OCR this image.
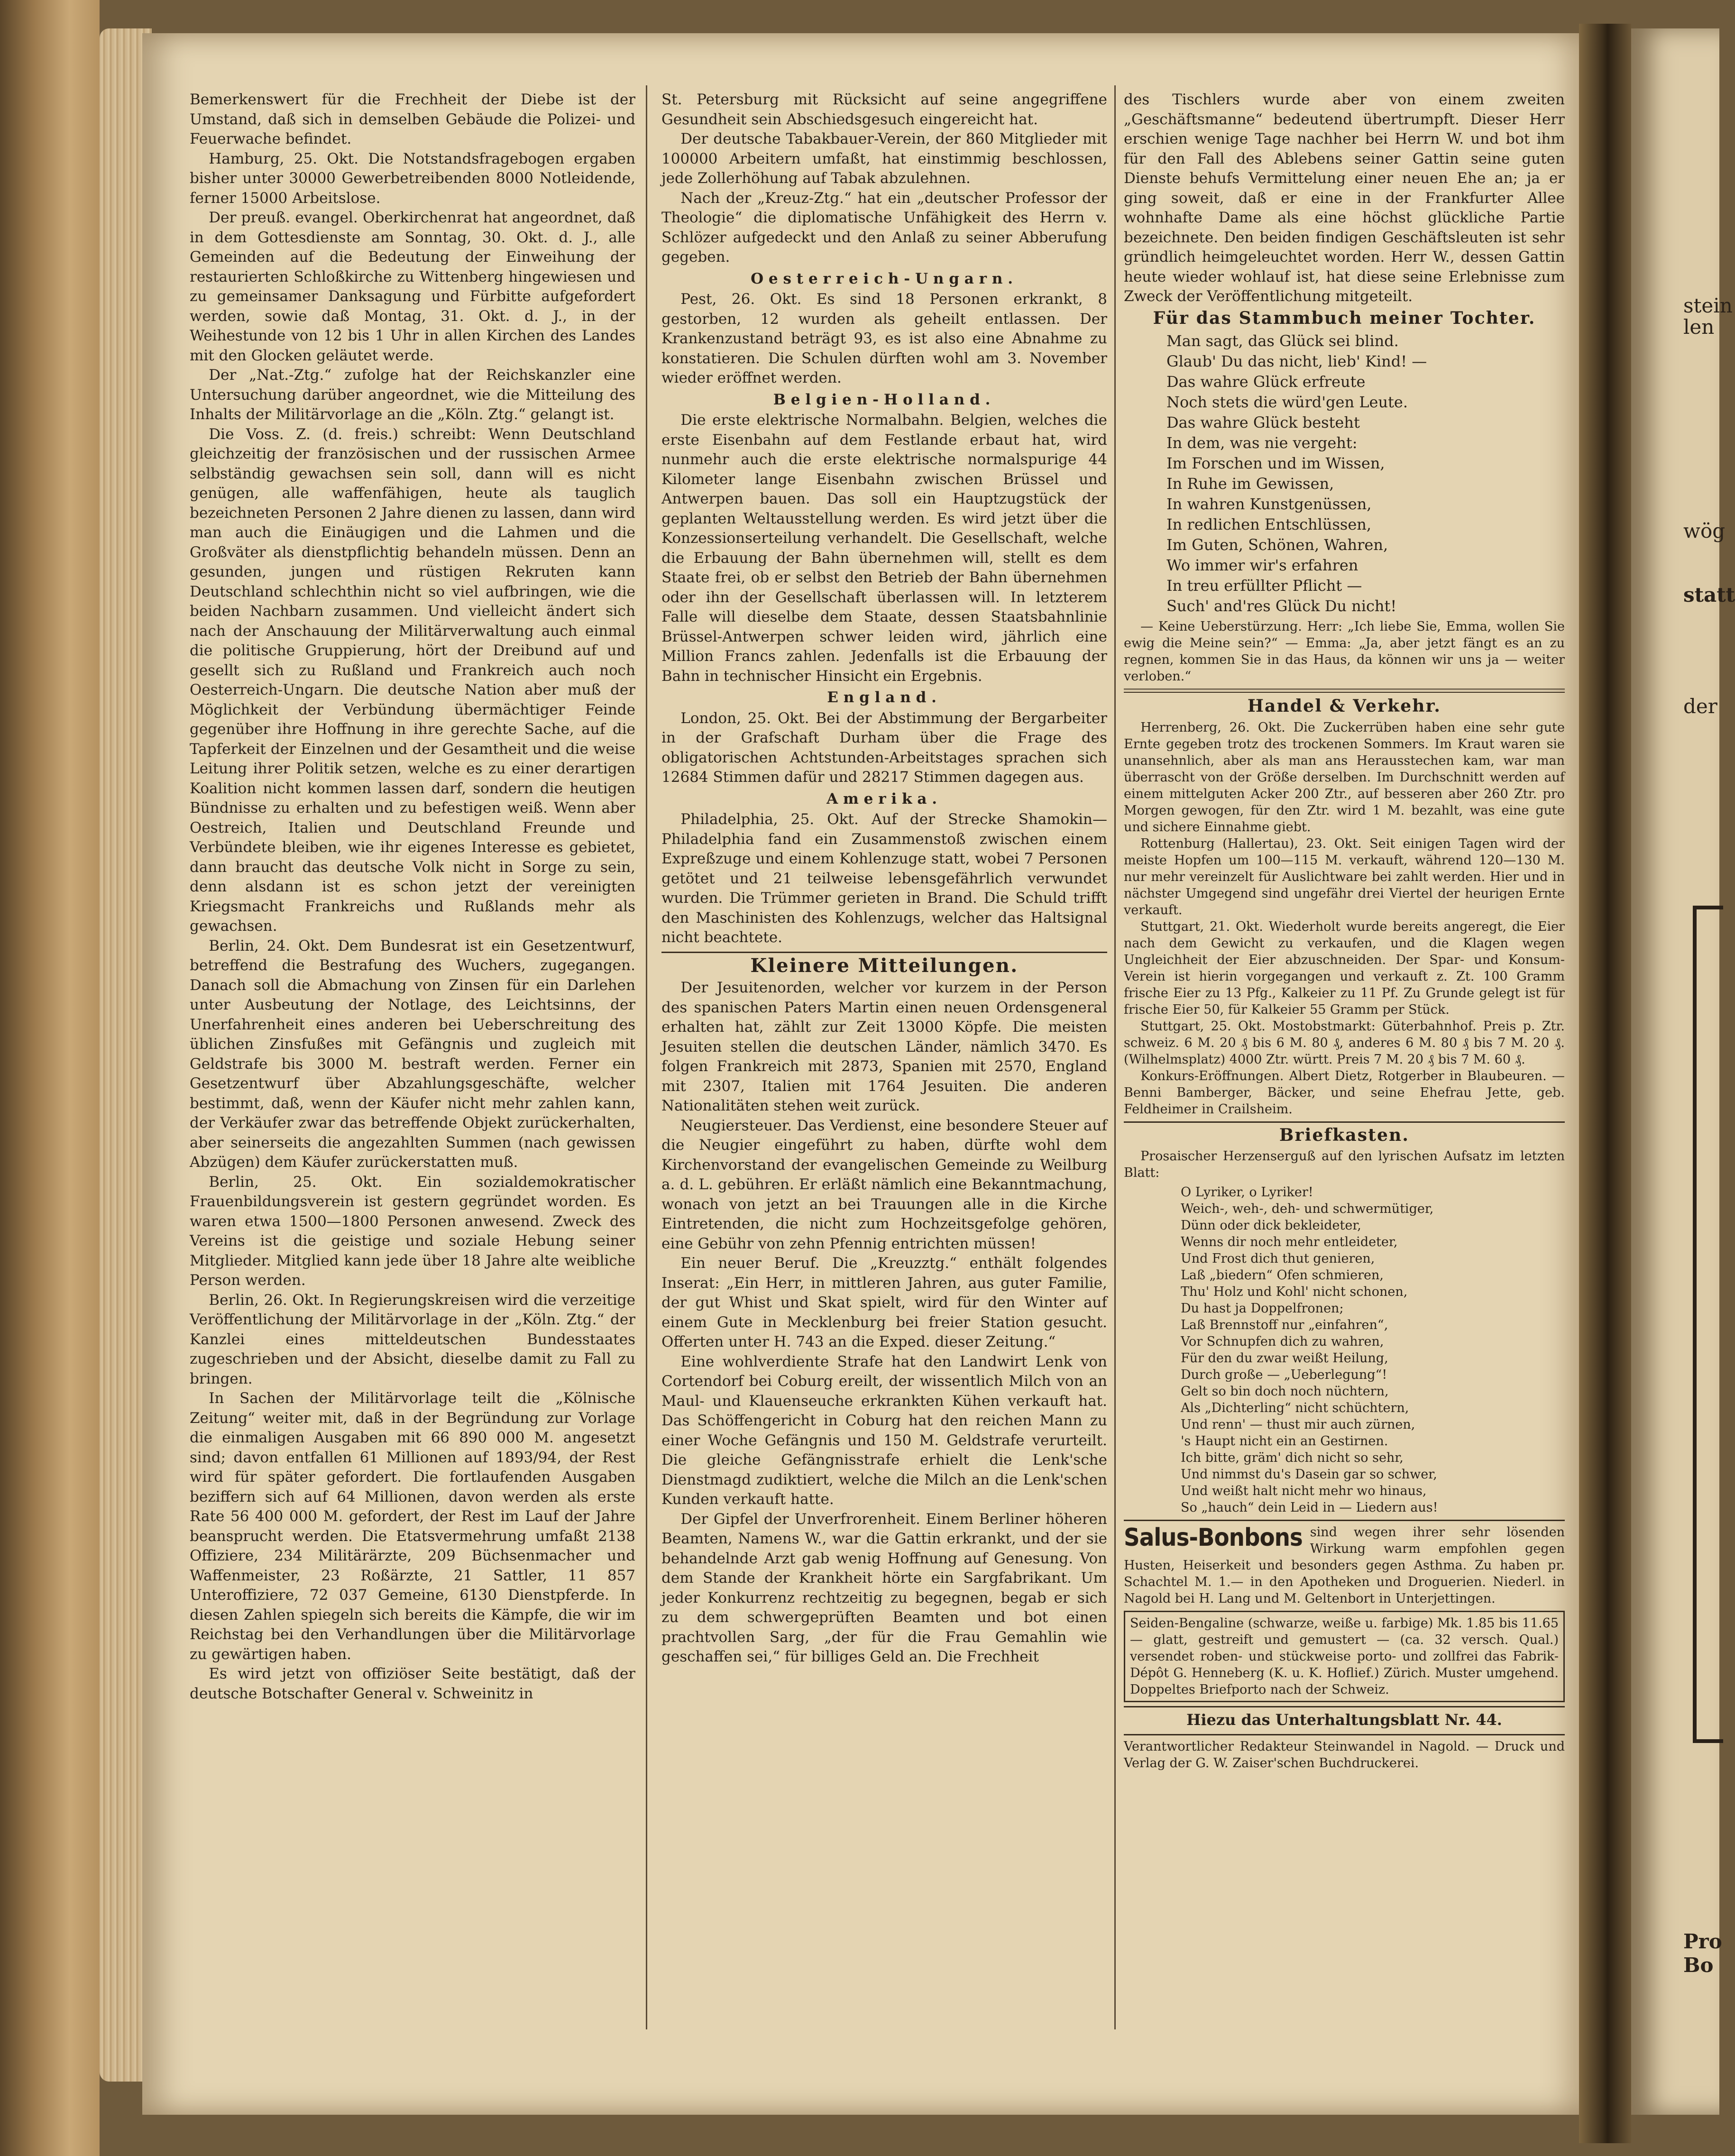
Bemerkenswert für die Frechheit der Diebe ist der Umstand, daß sich in demselben Gebäude die Polizei- und Feuerwache befindet.

Hamburg, 25. Okt. Die Notstandsfragebogen ergaben bisher unter 30000 Gewerbetreibenden 8000 Notleidende, ferner 15000 Arbeitslose.

Der preuß. evangel. Oberkirchenrat hat angeordnet, daß in dem Gottesdienste am Sonntag, 30. Okt. d. J., alle Gemeinden auf die Bedeutung der Einweihung der restaurierten Schloßkirche zu Wittenberg hingewiesen und zu gemeinsamer Danksagung und Fürbitte aufgefordert werden, sowie daß Montag, 31. Okt. d. J., in der Weihestunde von 12 bis 1 Uhr in allen Kirchen des Landes mit den Glocken geläutet werde.

Der „Nat.-Ztg.“ zufolge hat der Reichskanzler eine Untersuchung darüber angeordnet, wie die Mitteilung des Inhalts der Militärvorlage an die „Köln. Ztg.“ gelangt ist.

Die Voss. Z. (d. freis.) schreibt: Wenn Deutschland gleichzeitig der französischen und der russischen Armee selbständig gewachsen sein soll, dann will es nicht genügen, alle waffenfähigen, heute als tauglich bezeichneten Personen 2 Jahre dienen zu lassen, dann wird man auch die Einäugigen und die Lahmen und die Großväter als dienstpflichtig behandeln müssen. Denn an gesunden, jungen und rüstigen Rekruten kann Deutschland schlechthin nicht so viel aufbringen, wie die beiden Nachbarn zusammen. Und vielleicht ändert sich nach der Anschauung der Militärverwaltung auch einmal die politische Gruppierung, hört der Dreibund auf und gesellt sich zu Rußland und Frankreich auch noch Oesterreich-Ungarn. Die deutsche Nation aber muß der Möglichkeit der Verbündung übermächtiger Feinde gegenüber ihre Hoffnung in ihre gerechte Sache, auf die Tapferkeit der Einzelnen und der Gesamtheit und die weise Leitung ihrer Politik setzen, welche es zu einer derartigen Koalition nicht kommen lassen darf, sondern die heutigen Bündnisse zu erhalten und zu befestigen weiß. Wenn aber Oestreich, Italien und Deutschland Freunde und Verbündete bleiben, wie ihr eigenes Interesse es gebietet, dann braucht das deutsche Volk nicht in Sorge zu sein, denn alsdann ist es schon jetzt der vereinigten Kriegsmacht Frankreichs und Rußlands mehr als gewachsen.

Berlin, 24. Okt. Dem Bundesrat ist ein Gesetzentwurf, betreffend die Bestrafung des Wuchers, zugegangen. Danach soll die Abmachung von Zinsen für ein Darlehen unter Ausbeutung der Notlage, des Leichtsinns, der Unerfahrenheit eines anderen bei Ueberschreitung des üblichen Zinsfußes mit Gefängnis und zugleich mit Geldstrafe bis 3000 M. bestraft werden. Ferner ein Gesetzentwurf über Abzahlungsgeschäfte, welcher bestimmt, daß, wenn der Käufer nicht mehr zahlen kann, der Verkäufer zwar das betreffende Objekt zurückerhalten, aber seinerseits die angezahlten Summen (nach gewissen Abzügen) dem Käufer zurückerstatten muß.

Berlin, 25. Okt. Ein sozialdemokratischer Frauenbildungsverein ist gestern gegründet worden. Es waren etwa 1500—1800 Personen anwesend. Zweck des Vereins ist die geistige und soziale Hebung seiner Mitglieder. Mitglied kann jede über 18 Jahre alte weibliche Person werden.

Berlin, 26. Okt. In Regierungskreisen wird die verzeitige Veröffentlichung der Militärvorlage in der „Köln. Ztg.“ der Kanzlei eines mitteldeutschen Bundesstaates zugeschrieben und der Absicht, dieselbe damit zu Fall zu bringen.

In Sachen der Militärvorlage teilt die „Kölnische Zeitung“ weiter mit, daß in der Begründung zur Vorlage die einmaligen Ausgaben mit 66 890 000 M. angesetzt sind; davon entfallen 61 Millionen auf 1893/94, der Rest wird für später gefordert. Die fortlaufenden Ausgaben beziffern sich auf 64 Millionen, davon werden als erste Rate 56 400 000 M. gefordert, der Rest im Lauf der Jahre beansprucht werden. Die Etatsvermehrung umfaßt 2138 Offiziere, 234 Militärärzte, 209 Büchsenmacher und Waffenmeister, 23 Roßärzte, 21 Sattler, 11 857 Unteroffiziere, 72 037 Gemeine, 6130 Dienstpferde. In diesen Zahlen spiegeln sich bereits die Kämpfe, die wir im Reichstag bei den Verhandlungen über die Militärvorlage zu gewärtigen haben.

Es wird jetzt von offiziöser Seite bestätigt, daß der deutsche Botschafter General v. Schweinitz in

St. Petersburg mit Rücksicht auf seine angegriffene Gesundheit sein Abschiedsgesuch eingereicht hat.

Der deutsche Tabakbauer-Verein, der 860 Mitglieder mit 100000 Arbeitern umfaßt, hat einstimmig beschlossen, jede Zollerhöhung auf Tabak abzulehnen.

Nach der „Kreuz-Ztg.“ hat ein „deutscher Professor der Theologie“ die diplomatische Unfähigkeit des Herrn v. Schlözer aufgedeckt und den Anlaß zu seiner Abberufung gegeben.

Oesterreich-Ungarn.

Pest, 26. Okt. Es sind 18 Personen erkrankt, 8 gestorben, 12 wurden als geheilt entlassen. Der Krankenzustand beträgt 93, es ist also eine Abnahme zu konstatieren. Die Schulen dürften wohl am 3. November wieder eröffnet werden.

Belgien-Holland.

Die erste elektrische Normalbahn. Belgien, welches die erste Eisenbahn auf dem Festlande erbaut hat, wird nunmehr auch die erste elektrische normalspurige 44 Kilometer lange Eisenbahn zwischen Brüssel und Antwerpen bauen. Das soll ein Hauptzugstück der geplanten Weltausstellung werden. Es wird jetzt über die Konzessionserteilung verhandelt. Die Gesellschaft, welche die Erbauung der Bahn übernehmen will, stellt es dem Staate frei, ob er selbst den Betrieb der Bahn übernehmen oder ihn der Gesellschaft überlassen will. In letzterem Falle will dieselbe dem Staate, dessen Staatsbahnlinie Brüssel-Antwerpen schwer leiden wird, jährlich eine Million Francs zahlen. Jedenfalls ist die Erbauung der Bahn in technischer Hinsicht ein Ergebnis.

England.

London, 25. Okt. Bei der Abstimmung der Bergarbeiter in der Grafschaft Durham über die Frage des obligatorischen Achtstunden-Arbeitstages sprachen sich 12684 Stimmen dafür und 28217 Stimmen dagegen aus.

Amerika.

Philadelphia, 25. Okt. Auf der Strecke Shamokin—Philadelphia fand ein Zusammenstoß zwischen einem Expreßzuge und einem Kohlenzuge statt, wobei 7 Personen getötet und 21 teilweise lebensgefährlich verwundet wurden. Die Trümmer gerieten in Brand. Die Schuld trifft den Maschinisten des Kohlenzugs, welcher das Haltsignal nicht beachtete.

Kleinere Mitteilungen.

Der Jesuitenorden, welcher vor kurzem in der Person des spanischen Paters Martin einen neuen Ordensgeneral erhalten hat, zählt zur Zeit 13000 Köpfe. Die meisten Jesuiten stellen die deutschen Länder, nämlich 3470. Es folgen Frankreich mit 2873, Spanien mit 2570, England mit 2307, Italien mit 1764 Jesuiten. Die anderen Nationalitäten stehen weit zurück.

Neugiersteuer. Das Verdienst, eine besondere Steuer auf die Neugier eingeführt zu haben, dürfte wohl dem Kirchenvorstand der evangelischen Gemeinde zu Weilburg a. d. L. gebühren. Er erläßt nämlich eine Bekanntmachung, wonach von jetzt an bei Trauungen alle in die Kirche Eintretenden, die nicht zum Hochzeitsgefolge gehören, eine Gebühr von zehn Pfennig entrichten müssen!

Ein neuer Beruf. Die „Kreuzztg.“ enthält folgendes Inserat: „Ein Herr, in mittleren Jahren, aus guter Familie, der gut Whist und Skat spielt, wird für den Winter auf einem Gute in Mecklenburg bei freier Station gesucht. Offerten unter H. 743 an die Exped. dieser Zeitung.“

Eine wohlverdiente Strafe hat den Landwirt Lenk von Cortendorf bei Coburg ereilt, der wissentlich Milch von an Maul- und Klauenseuche erkrankten Kühen verkauft hat. Das Schöffengericht in Coburg hat den reichen Mann zu einer Woche Gefängnis und 150 M. Geldstrafe verurteilt. Die gleiche Gefängnisstrafe erhielt die Lenk'sche Dienstmagd zudiktiert, welche die Milch an die Lenk'schen Kunden verkauft hatte.

Der Gipfel der Unverfrorenheit. Einem Berliner höheren Beamten, Namens W., war die Gattin erkrankt, und der sie behandelnde Arzt gab wenig Hoffnung auf Genesung. Von dem Stande der Krankheit hörte ein Sargfabrikant. Um jeder Konkurrenz rechtzeitig zu begegnen, begab er sich zu dem schwergeprüften Beamten und bot einen prachtvollen Sarg, „der für die Frau Gemahlin wie geschaffen sei,“ für billiges Geld an. Die Frechheit

des Tischlers wurde aber von einem zweiten „Geschäftsmanne“ bedeutend übertrumpft. Dieser Herr erschien wenige Tage nachher bei Herrn W. und bot ihm für den Fall des Ablebens seiner Gattin seine guten Dienste behufs Vermittelung einer neuen Ehe an; ja er ging soweit, daß er eine in der Frankfurter Allee wohnhafte Dame als eine höchst glückliche Partie bezeichnete. Den beiden findigen Geschäftsleuten ist sehr gründlich heimgeleuchtet worden. Herr W., dessen Gattin heute wieder wohlauf ist, hat diese seine Erlebnisse zum Zweck der Veröffentlichung mitgeteilt.

Für das Stammbuch meiner Tochter.
Man sagt, das Glück sei blind.
Glaub' Du das nicht, lieb' Kind! —
Das wahre Glück erfreute
Noch stets die würd'gen Leute.
Das wahre Glück besteht
In dem, was nie vergeht:
Im Forschen und im Wissen,
In Ruhe im Gewissen,
In wahren Kunstgenüssen,
In redlichen Entschlüssen,
Im Guten, Schönen, Wahren,
Wo immer wir's erfahren
In treu erfüllter Pflicht —
Such' and'res Glück Du nicht!

— Keine Ueberstürzung. Herr: „Ich liebe Sie, Emma, wollen Sie ewig die Meine sein?“ — Emma: „Ja, aber jetzt fängt es an zu regnen, kommen Sie in das Haus, da können wir uns ja — weiter verloben.“

Handel & Verkehr.

Herrenberg, 26. Okt. Die Zuckerrüben haben eine sehr gute Ernte gegeben trotz des trockenen Sommers. Im Kraut waren sie unansehnlich, aber als man ans Herausstechen kam, war man überrascht von der Größe derselben. Im Durchschnitt werden auf einem mittelguten Acker 200 Ztr., auf besseren aber 260 Ztr. pro Morgen gewogen, für den Ztr. wird 1 M. bezahlt, was eine gute und sichere Einnahme giebt.

Rottenburg (Hallertau), 23. Okt. Seit einigen Tagen wird der meiste Hopfen um 100—115 M. verkauft, während 120—130 M. nur mehr vereinzelt für Auslichtware bei zahlt werden. Hier und in nächster Umgegend sind ungefähr drei Viertel der heurigen Ernte verkauft.

Stuttgart, 21. Okt. Wiederholt wurde bereits angeregt, die Eier nach dem Gewicht zu verkaufen, und die Klagen wegen Ungleichheit der Eier abzuschneiden. Der Spar- und Konsum-Verein ist hierin vorgegangen und verkauft z. Zt. 100 Gramm frische Eier zu 13 Pfg., Kalkeier zu 11 Pf. Zu Grunde gelegt ist für frische Eier 50, für Kalkeier 55 Gramm per Stück.

Stuttgart, 25. Okt. Mostobstmarkt: Güterbahnhof. Preis p. Ztr. schweiz. 6 M. 20 ₰ bis 6 M. 80 ₰, anderes 6 M. 80 ₰ bis 7 M. 20 ₰. (Wilhelmsplatz) 4000 Ztr. württ. Preis 7 M. 20 ₰ bis 7 M. 60 ₰.

Konkurs-Eröffnungen. Albert Dietz, Rotgerber in Blaubeuren. — Benni Bamberger, Bäcker, und seine Ehefrau Jette, geb. Feldheimer in Crailsheim.

Briefkasten.

Prosaischer Herzenserguß auf den lyrischen Aufsatz im letzten Blatt:

O Lyriker, o Lyriker!
Weich-, weh-, deh- und schwermütiger,
Dünn oder dick bekleideter,
Wenns dir noch mehr entleideter,
Und Frost dich thut genieren,
Laß „biedern“ Ofen schmieren,
Thu' Holz und Kohl' nicht schonen,
Du hast ja Doppelfronen;
Laß Brennstoff nur „einfahren“,
Vor Schnupfen dich zu wahren,
Für den du zwar weißt Heilung,
Durch große — „Ueberlegung“!
Gelt so bin doch noch nüchtern,
Als „Dichterling“ nicht schüchtern,
Und renn' — thust mir auch zürnen,
's Haupt nicht ein an Gestirnen.
Ich bitte, gräm' dich nicht so sehr,
Und nimmst du's Dasein gar so schwer,
Und weißt halt nicht mehr wo hinaus,
So „hauch“ dein Leid in — Liedern aus!
Salus-Bonbons sind wegen ihrer sehr lösenden Wirkung warm empfohlen gegen Husten, Heiserkeit und besonders gegen Asthma. Zu haben pr. Schachtel M. 1.— in den Apotheken und Droguerien. Niederl. in Nagold bei H. Lang und M. Geltenbort in Unterjettingen.
Seiden-Bengaline (schwarze, weiße u. farbige) Mk. 1.85 bis 11.65 — glatt, gestreift und gemustert — (ca. 32 versch. Qual.) versendet roben- und stückweise porto- und zollfrei das Fabrik-Dépôt G. Henneberg (K. u. K. Hoflief.) Zürich. Muster umgehend. Doppeltes Briefporto nach der Schweiz.
Hiezu das Unterhaltungsblatt Nr. 44.

Verantwortlicher Redakteur Steinwandel in Nagold. — Druck und Verlag der G. W. Zaiser'schen Buchdruckerei.

stein
len
wög
statt
der
Pro
Bo
